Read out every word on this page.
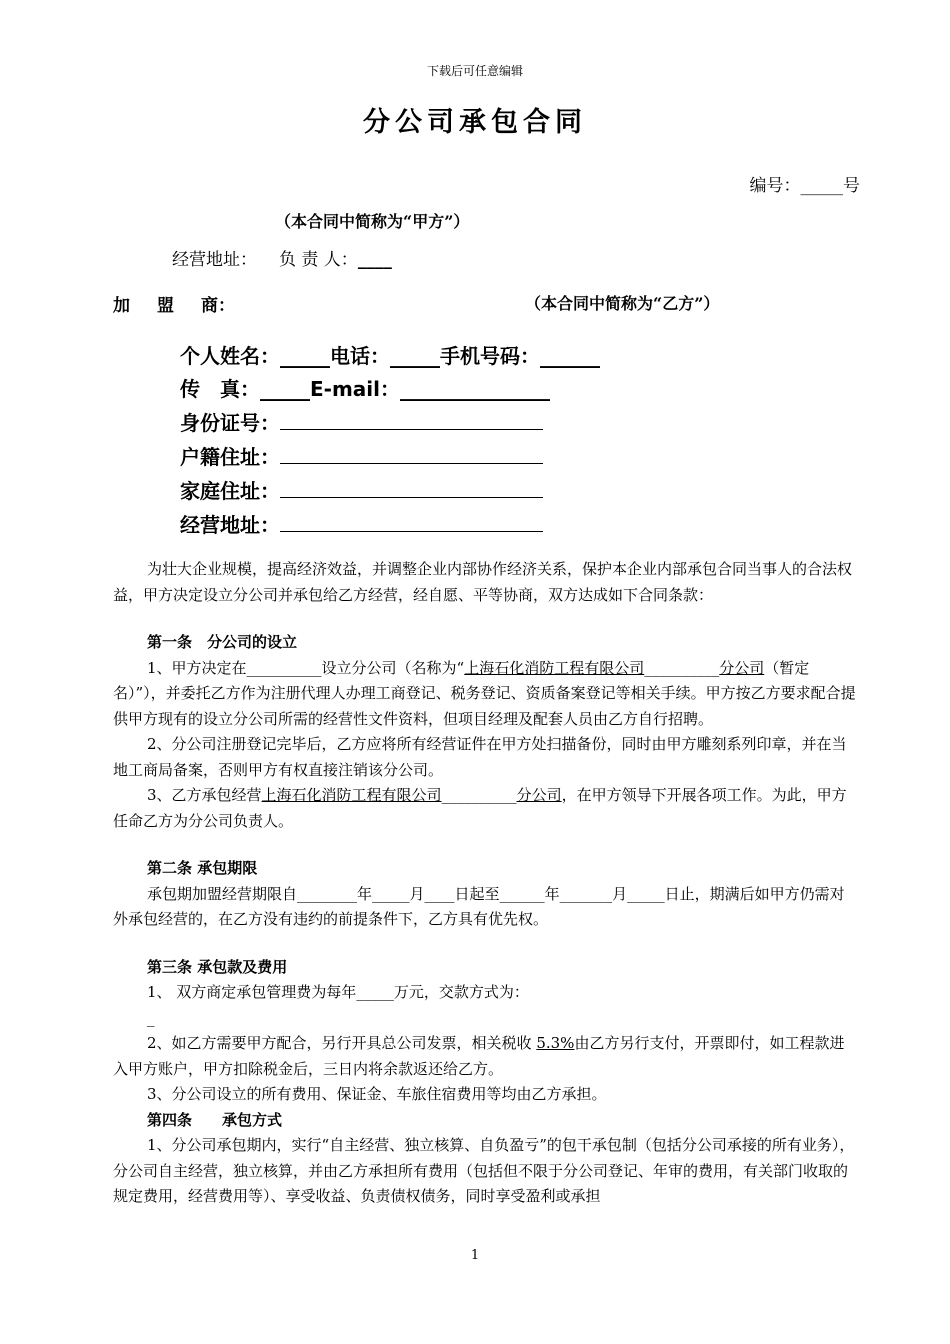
下载后可任意编辑
分公司承包合同
编号：_____号
（本合同中简称为“甲方”）
经营地址： 负 责 人：____
加 盟 商：	（本合同中简称为“乙方”）
个人姓名：_____电话：_____手机号码：______
传　真：_____E-mail：_______________
身份证号：
户籍住址：
家庭住址：
经营地址：

为壮大企业规模，提高经济效益，并调整企业内部协作经济关系，保护本企业内部承包合同当事人的合法权益，甲方决定设立分公司并承包给乙方经营，经自愿、平等协商，双方达成如下合同条款：

第一条　分公司的设立

1、甲方决定在__________设立分公司（名称为“上海石化消防工程有限公司__________分公司（暂定名）”），并委托乙方作为注册代理人办理工商登记、税务登记、资质备案登记等相关手续。甲方按乙方要求配合提供甲方现有的设立分公司所需的经营性文件资料，但项目经理及配套人员由乙方自行招聘。

2、分公司注册登记完毕后，乙方应将所有经营证件在甲方处扫描备份，同时由甲方雕刻系列印章，并在当地工商局备案，否则甲方有权直接注销该分公司。

3、乙方承包经营上海石化消防工程有限公司__________分公司，在甲方领导下开展各项工作。为此，甲方任命乙方为分公司负责人。

第二条 承包期限

承包期加盟经营期限自________年_____月____日起至______年_______月_____日止，期满后如甲方仍需对外承包经营的，在乙方没有违约的前提条件下，乙方具有优先权。

第三条 承包款及费用

1、 双方商定承包管理费为每年_____万元，交款方式为：

_

2、如乙方需要甲方配合，另行开具总公司发票，相关税收 5.3%由乙方另行支付，开票即付，如工程款进入甲方账户，甲方扣除税金后，三日内将余款返还给乙方。

3、分公司设立的所有费用、保证金、车旅住宿费用等均由乙方承担。

第四条　　承包方式

1、分公司承包期内，实行“自主经营、独立核算、自负盈亏”的包干承包制（包括分公司承接的所有业务），分公司自主经营，独立核算，并由乙方承担所有费用（包括但不限于分公司登记、年审的费用，有关部门收取的规定费用，经营费用等）、享受收益、负责债权债务，同时享受盈利或承担

1
